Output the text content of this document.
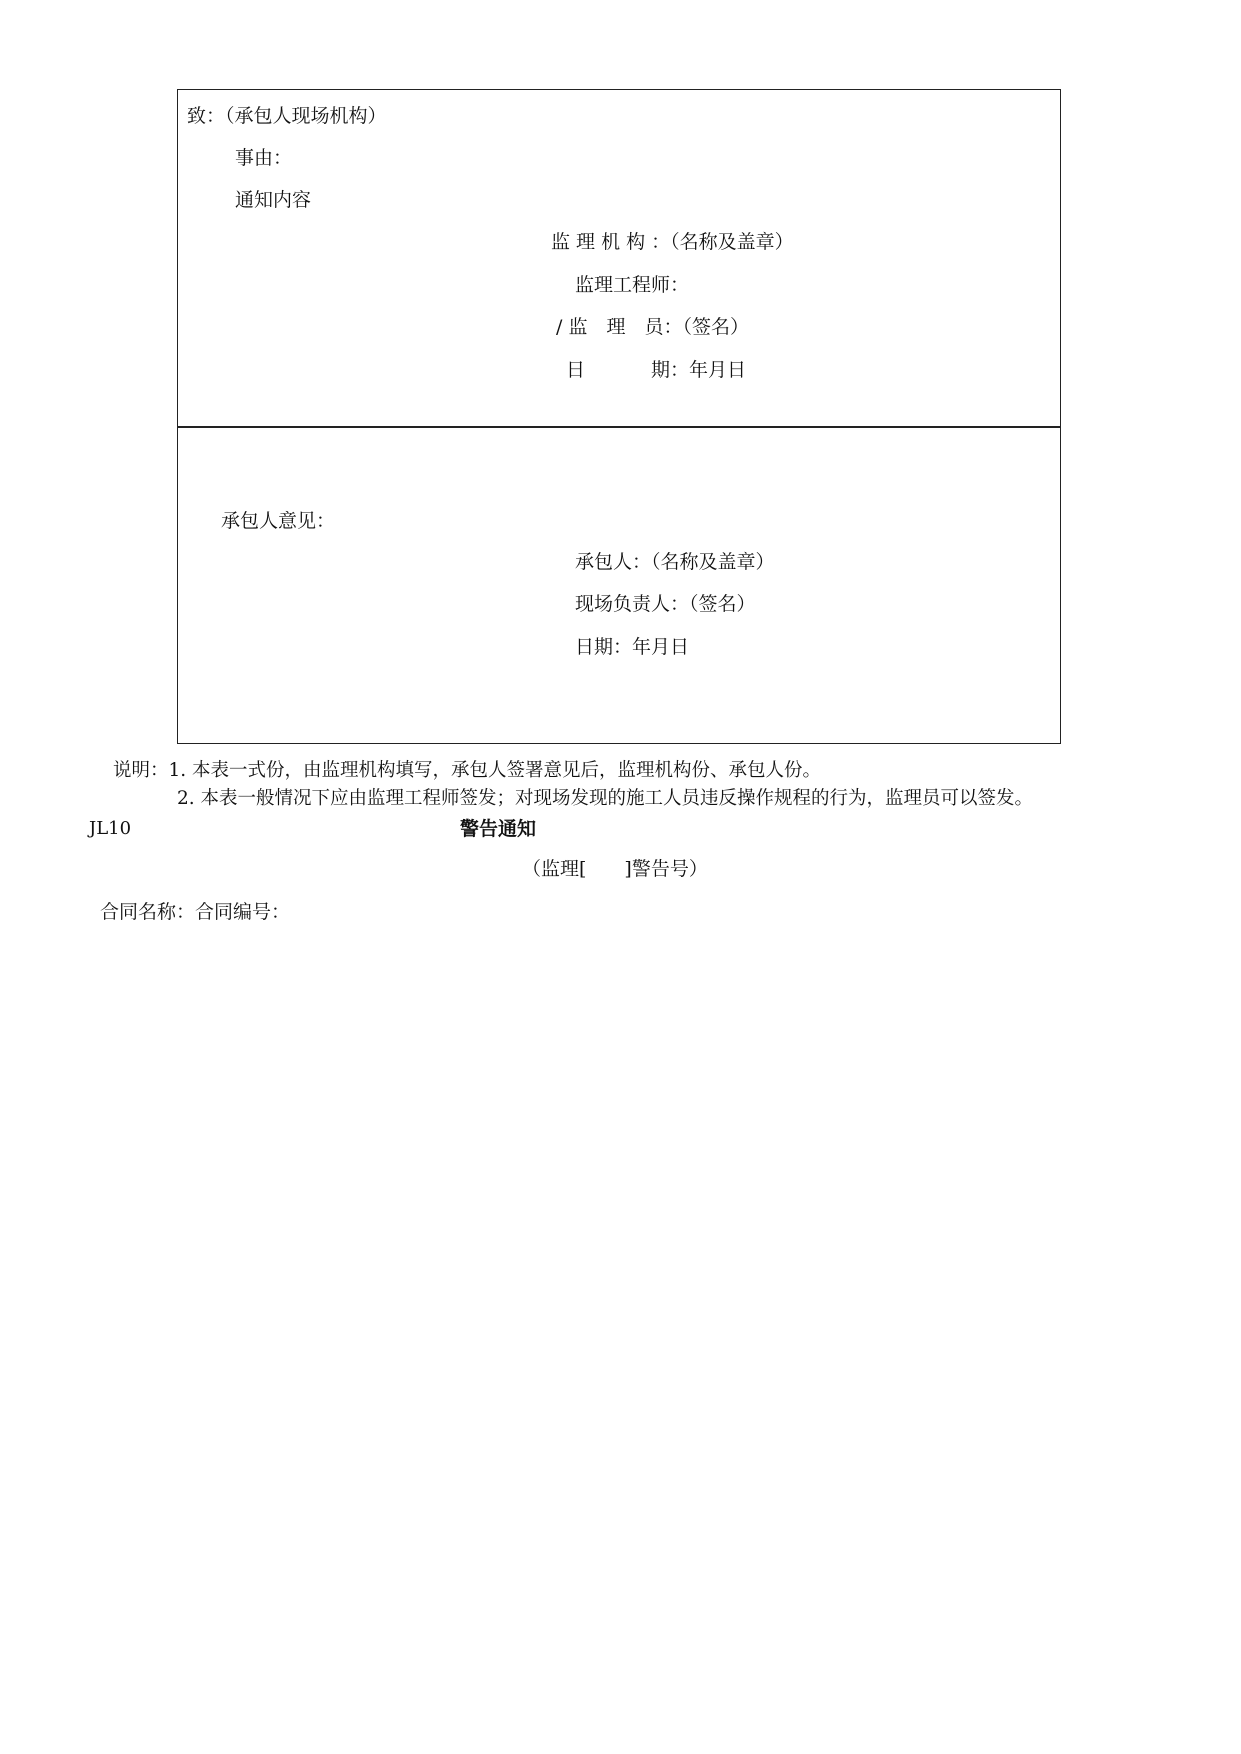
致：（承包人现场机构）
事由：
通知内容
监 理 机 构 ：（名称及盖章）
监理工程师：
/ 监　理　员：（签名）
日	期：年月日
承包人意见：
承包人：（名称及盖章）
现场负责人：（签名）
日期：年月日
说明：1. 本表一式份，由监理机构填写，承包人签署意见后，监理机构份、承包人份。
2. 本表一般情况下应由监理工程师签发；对现场发现的施工人员违反操作规程的行为，监理员可以签发。
JL10	警告通知
（监理[　　]警告号）
合同名称：合同编号：
